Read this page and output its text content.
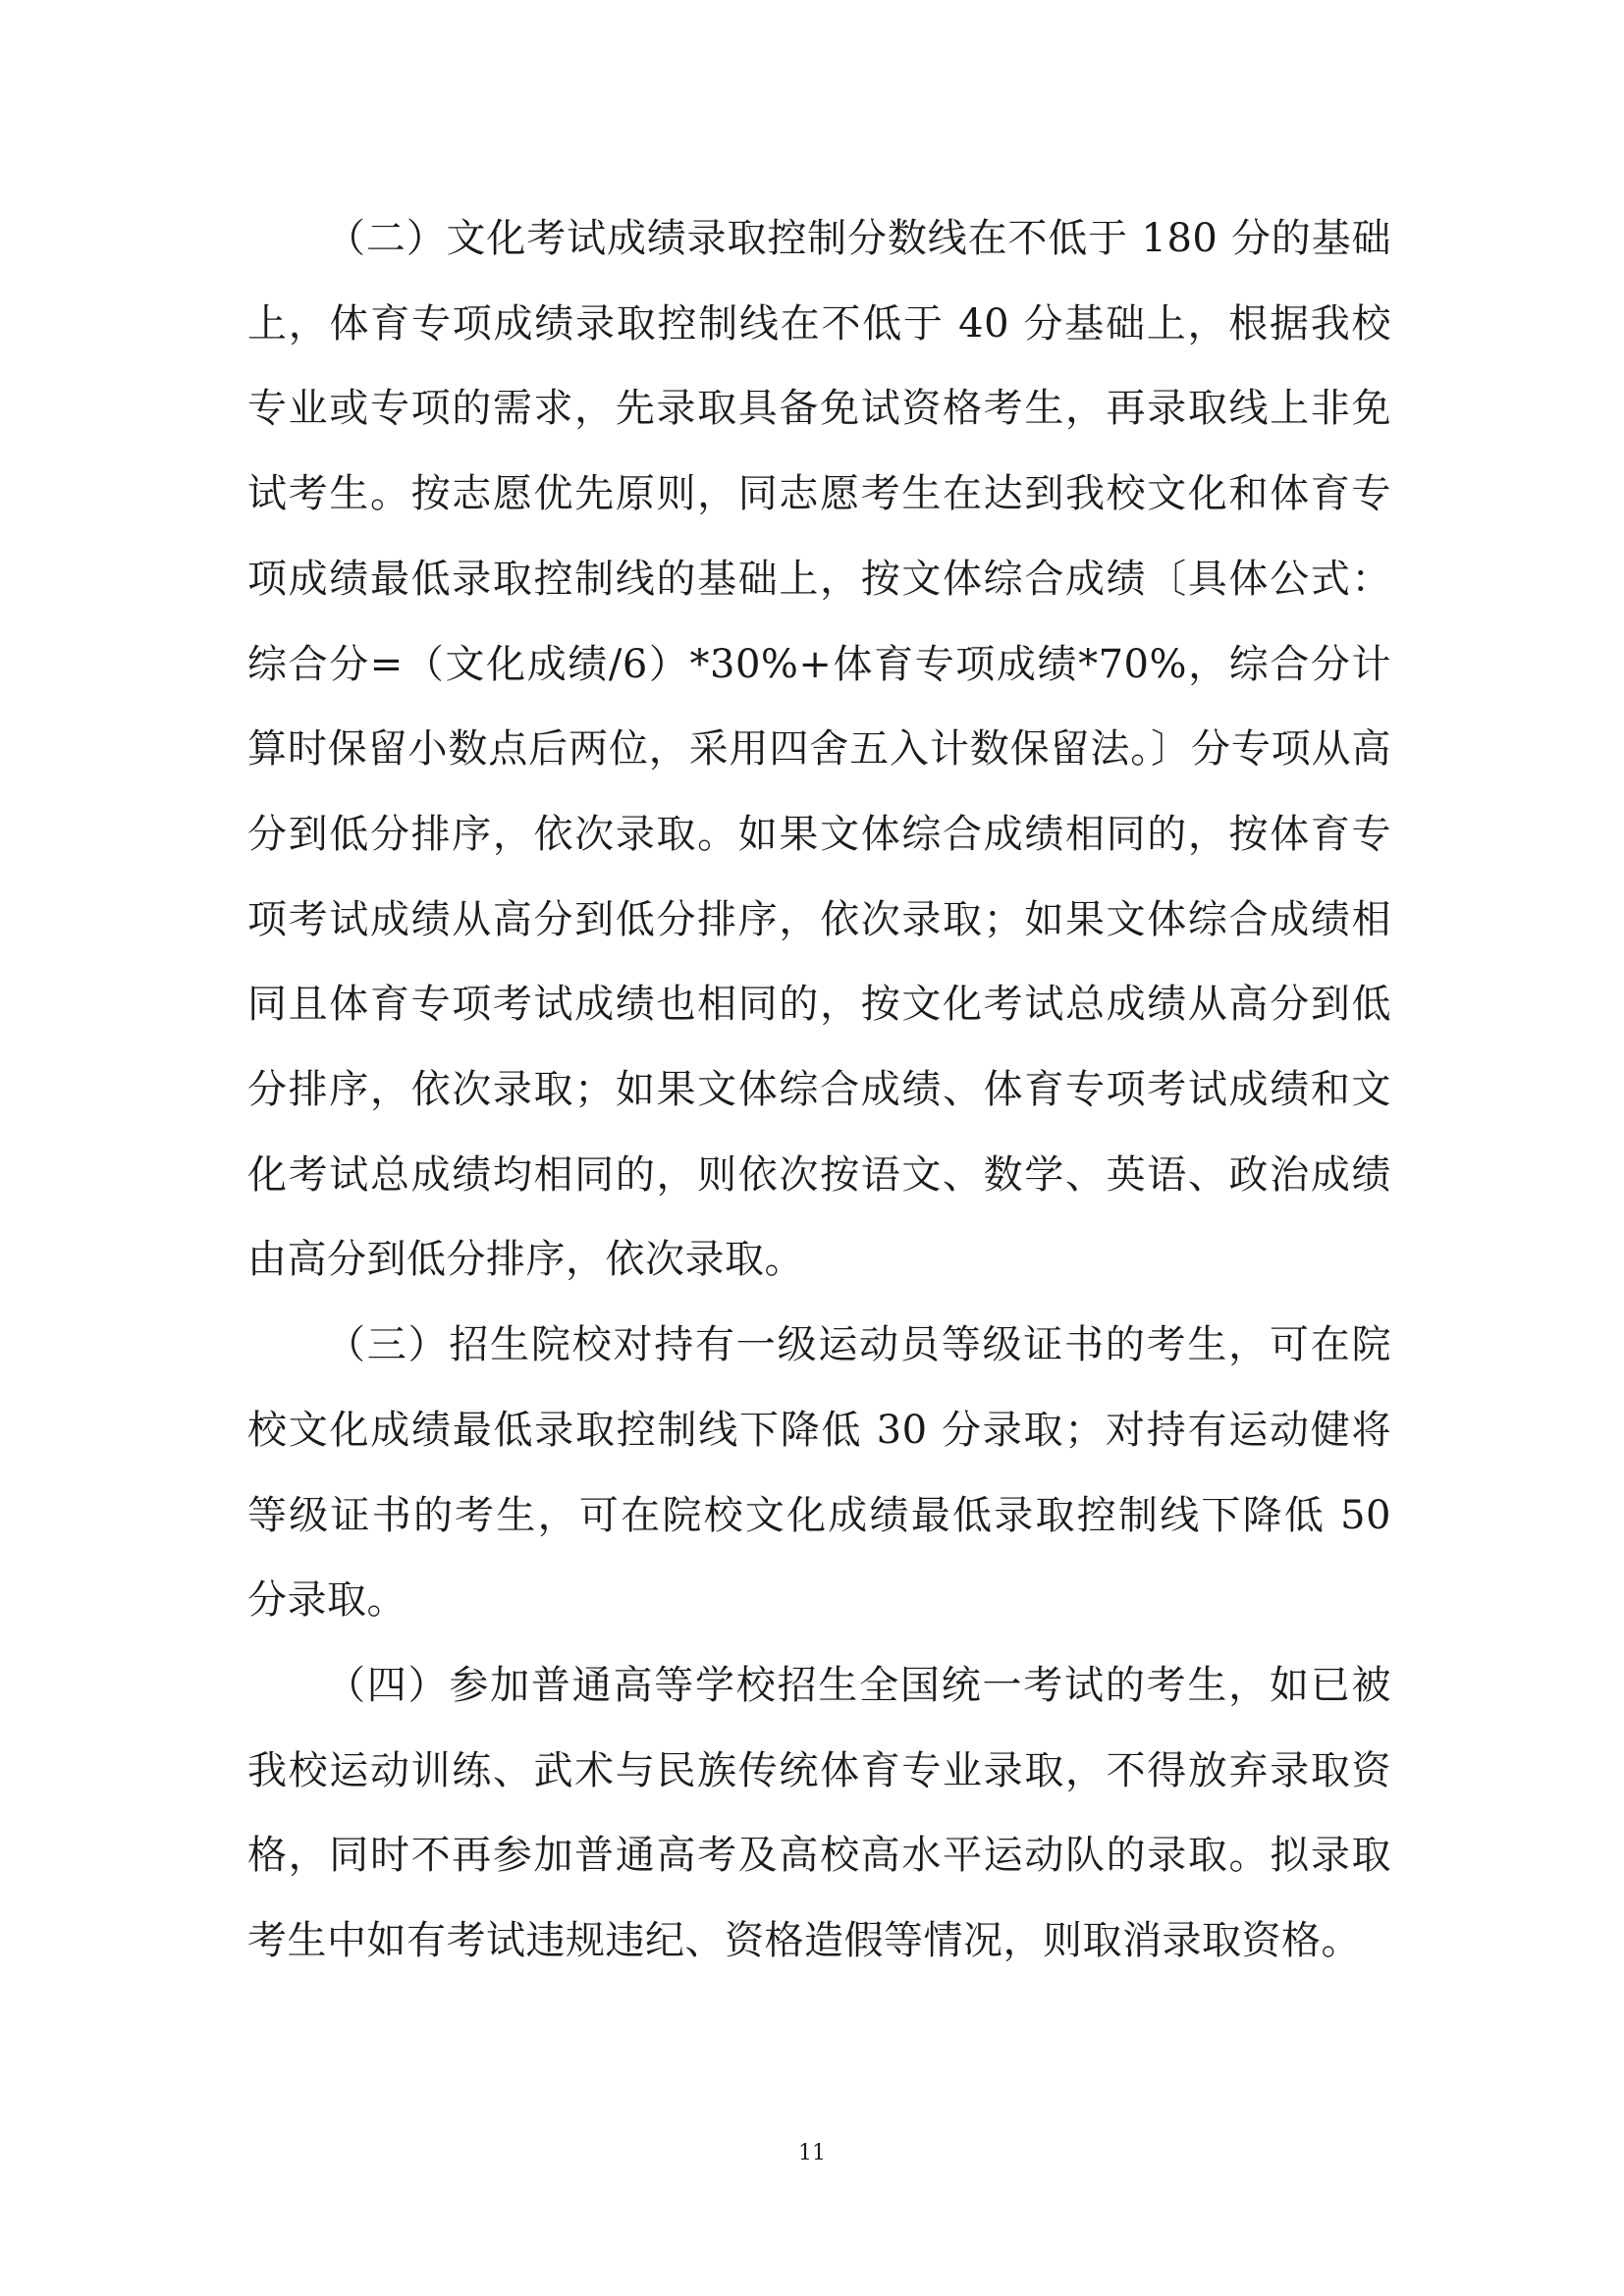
（二）文化考试成绩录取控制分数线在不低于 180 分的基础上，体育专项成绩录取控制线在不低于 40 分基础上，根据我校专业或专项的需求，先录取具备免试资格考生，再录取线上非免试考生。按志愿优先原则，同志愿考生在达到我校文化和体育专项成绩最低录取控制线的基础上，按文体综合成绩〔具体公式：综合分=（文化成绩/6）*30%+体育专项成绩*70%，综合分计算时保留小数点后两位，采用四舍五入计数保留法。〕分专项从高分到低分排序，依次录取。如果文体综合成绩相同的，按体育专项考试成绩从高分到低分排序，依次录取；如果文体综合成绩相同且体育专项考试成绩也相同的，按文化考试总成绩从高分到低分排序，依次录取；如果文体综合成绩、体育专项考试成绩和文化考试总成绩均相同的，则依次按语文、数学、英语、政治成绩由高分到低分排序，依次录取。

（三）招生院校对持有一级运动员等级证书的考生，可在院校文化成绩最低录取控制线下降低 30 分录取；对持有运动健将等级证书的考生，可在院校文化成绩最低录取控制线下降低 50 分录取。

（四）参加普通高等学校招生全国统一考试的考生，如已被我校运动训练、武术与民族传统体育专业录取，不得放弃录取资格，同时不再参加普通高考及高校高水平运动队的录取。拟录取考生中如有考试违规违纪、资格造假等情况，则取消录取资格。

11
